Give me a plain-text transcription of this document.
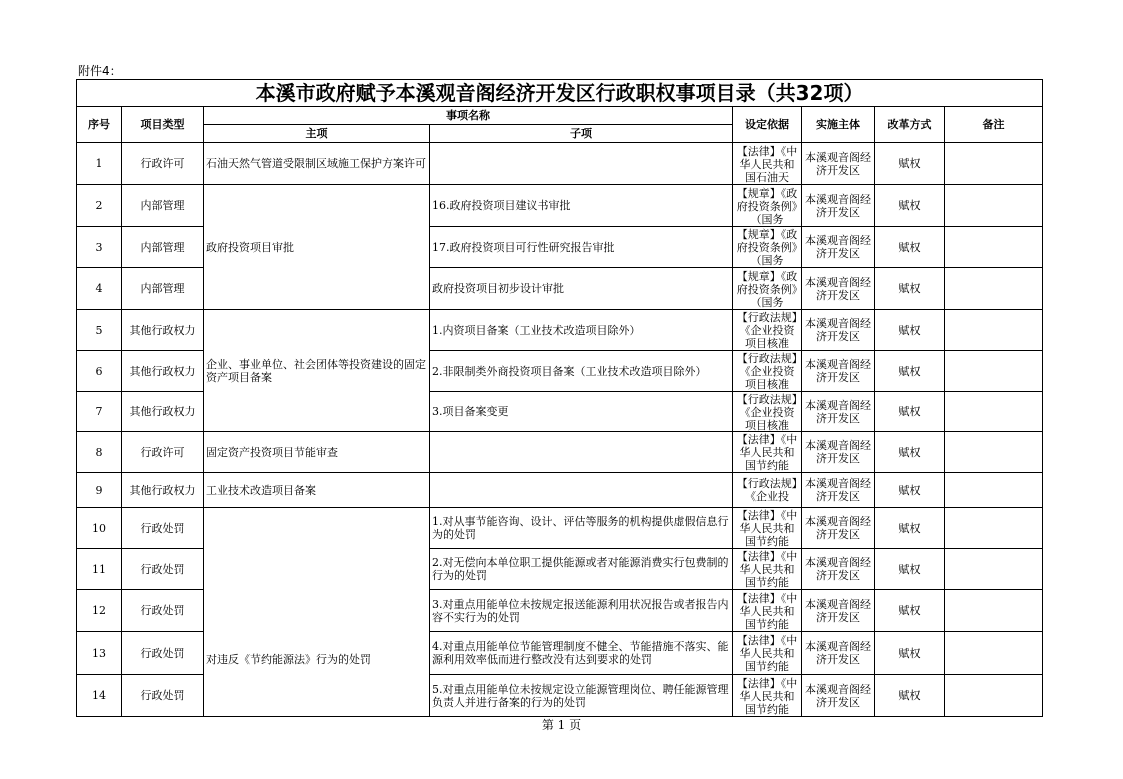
附件4：
本溪市政府赋予本溪观音阁经济开发区行政职权事项目录（共32项）							
序号	项目类型	事项名称		设定依据	实施主体	改革方式	备注
		主项	子项				
1	行政许可	石油天然气管道受限制区域施工保护方案许可		【法律】《中华人民共和国石油天	本溪观音阁经济开发区	赋权	
2	内部管理	政府投资项目审批	16.政府投资项目建议书审批	【规章】《政府投资条例》（国务	本溪观音阁经济开发区	赋权	
3	内部管理		17.政府投资项目可行性研究报告审批	【规章】《政府投资条例》（国务	本溪观音阁经济开发区	赋权	
4	内部管理		政府投资项目初步设计审批	【规章】《政府投资条例》（国务	本溪观音阁经济开发区	赋权	
5	其他行政权力	企业、事业单位、社会团体等投资建设的固定资产项目备案	1.内资项目备案（工业技术改造项目除外）	【行政法规】《企业投资项目核准	本溪观音阁经济开发区	赋权	
6	其他行政权力		2.非限制类外商投资项目备案（工业技术改造项目除外）	【行政法规】《企业投资项目核准	本溪观音阁经济开发区	赋权	
7	其他行政权力		3.项目备案变更	【行政法规】《企业投资项目核准	本溪观音阁经济开发区	赋权	
8	行政许可	固定资产投资项目节能审查		【法律】《中华人民共和国节约能	本溪观音阁经济开发区	赋权	
9	其他行政权力	工业技术改造项目备案		【行政法规】《企业投	本溪观音阁经济开发区	赋权	
10	行政处罚	对违反《节约能源法》行为的处罚	1.对从事节能咨询、设计、评估等服务的机构提供虚假信息行为的处罚	【法律】《中华人民共和国节约能	本溪观音阁经济开发区	赋权	
11	行政处罚		2.对无偿向本单位职工提供能源或者对能源消费实行包费制的行为的处罚	【法律】《中华人民共和国节约能	本溪观音阁经济开发区	赋权	
12	行政处罚		3.对重点用能单位未按规定报送能源利用状况报告或者报告内容不实行为的处罚	【法律】《中华人民共和国节约能	本溪观音阁经济开发区	赋权	
13	行政处罚		4.对重点用能单位节能管理制度不健全、节能措施不落实、能源利用效率低而进行整改没有达到要求的处罚	【法律】《中华人民共和国节约能	本溪观音阁经济开发区	赋权	
14	行政处罚		5.对重点用能单位未按规定设立能源管理岗位、聘任能源管理负责人并进行备案的行为的处罚	【法律】《中华人民共和国节约能	本溪观音阁经济开发区	赋权	
第 1 页
